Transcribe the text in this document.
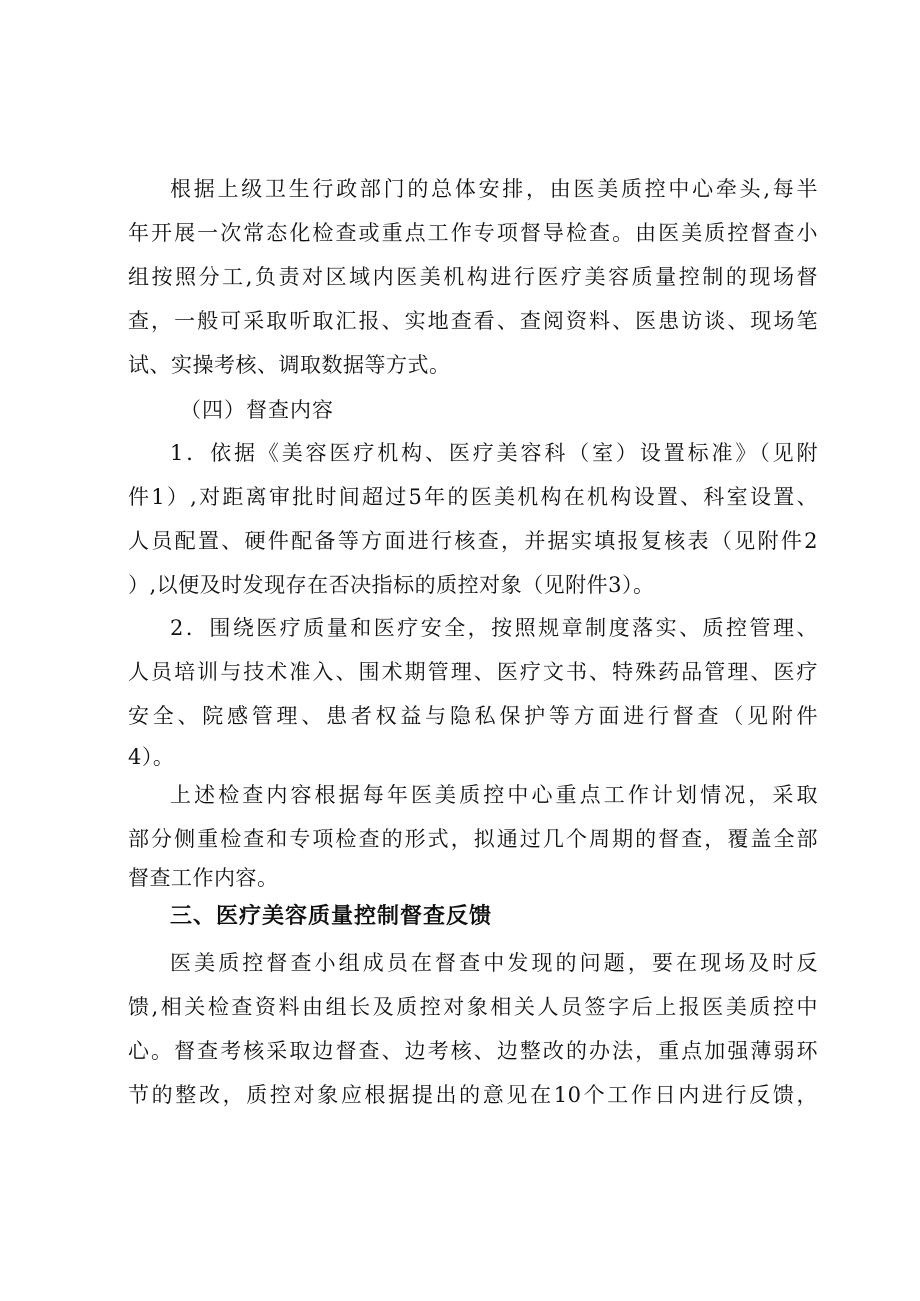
根据上级卫生行政部门的总体安排，由医美质控中心牵头,每半
年开展一次常态化检查或重点工作专项督导检查。由医美质控督查小
组按照分工,负责对区域内医美机构进行医疗美容质量控制的现场督
查，一般可采取听取汇报、实地查看、查阅资料、医患访谈、现场笔
试、实操考核、调取数据等方式。
（四）督查内容
1．依据《美容医疗机构、医疗美容科（室）设置标准》（见附
件1）,对距离审批时间超过5年的医美机构在机构设置、科室设置、
人员配置、硬件配备等方面进行核查，并据实填报复核表（见附件2
）,以便及时发现存在否决指标的质控对象（见附件3）。
2．围绕医疗质量和医疗安全，按照规章制度落实、质控管理、
人员培训与技术准入、围术期管理、医疗文书、特殊药品管理、医疗
安全、院感管理、患者权益与隐私保护等方面进行督查（见附件
4）。
上述检查内容根据每年医美质控中心重点工作计划情况，采取
部分侧重检查和专项检查的形式，拟通过几个周期的督查，覆盖全部
督查工作内容。
三、医疗美容质量控制督查反馈
医美质控督查小组成员在督查中发现的问题，要在现场及时反
馈,相关检查资料由组长及质控对象相关人员签字后上报医美质控中
心。督查考核采取边督查、边考核、边整改的办法，重点加强薄弱环
节的整改，质控对象应根据提出的意见在10个工作日内进行反馈，
